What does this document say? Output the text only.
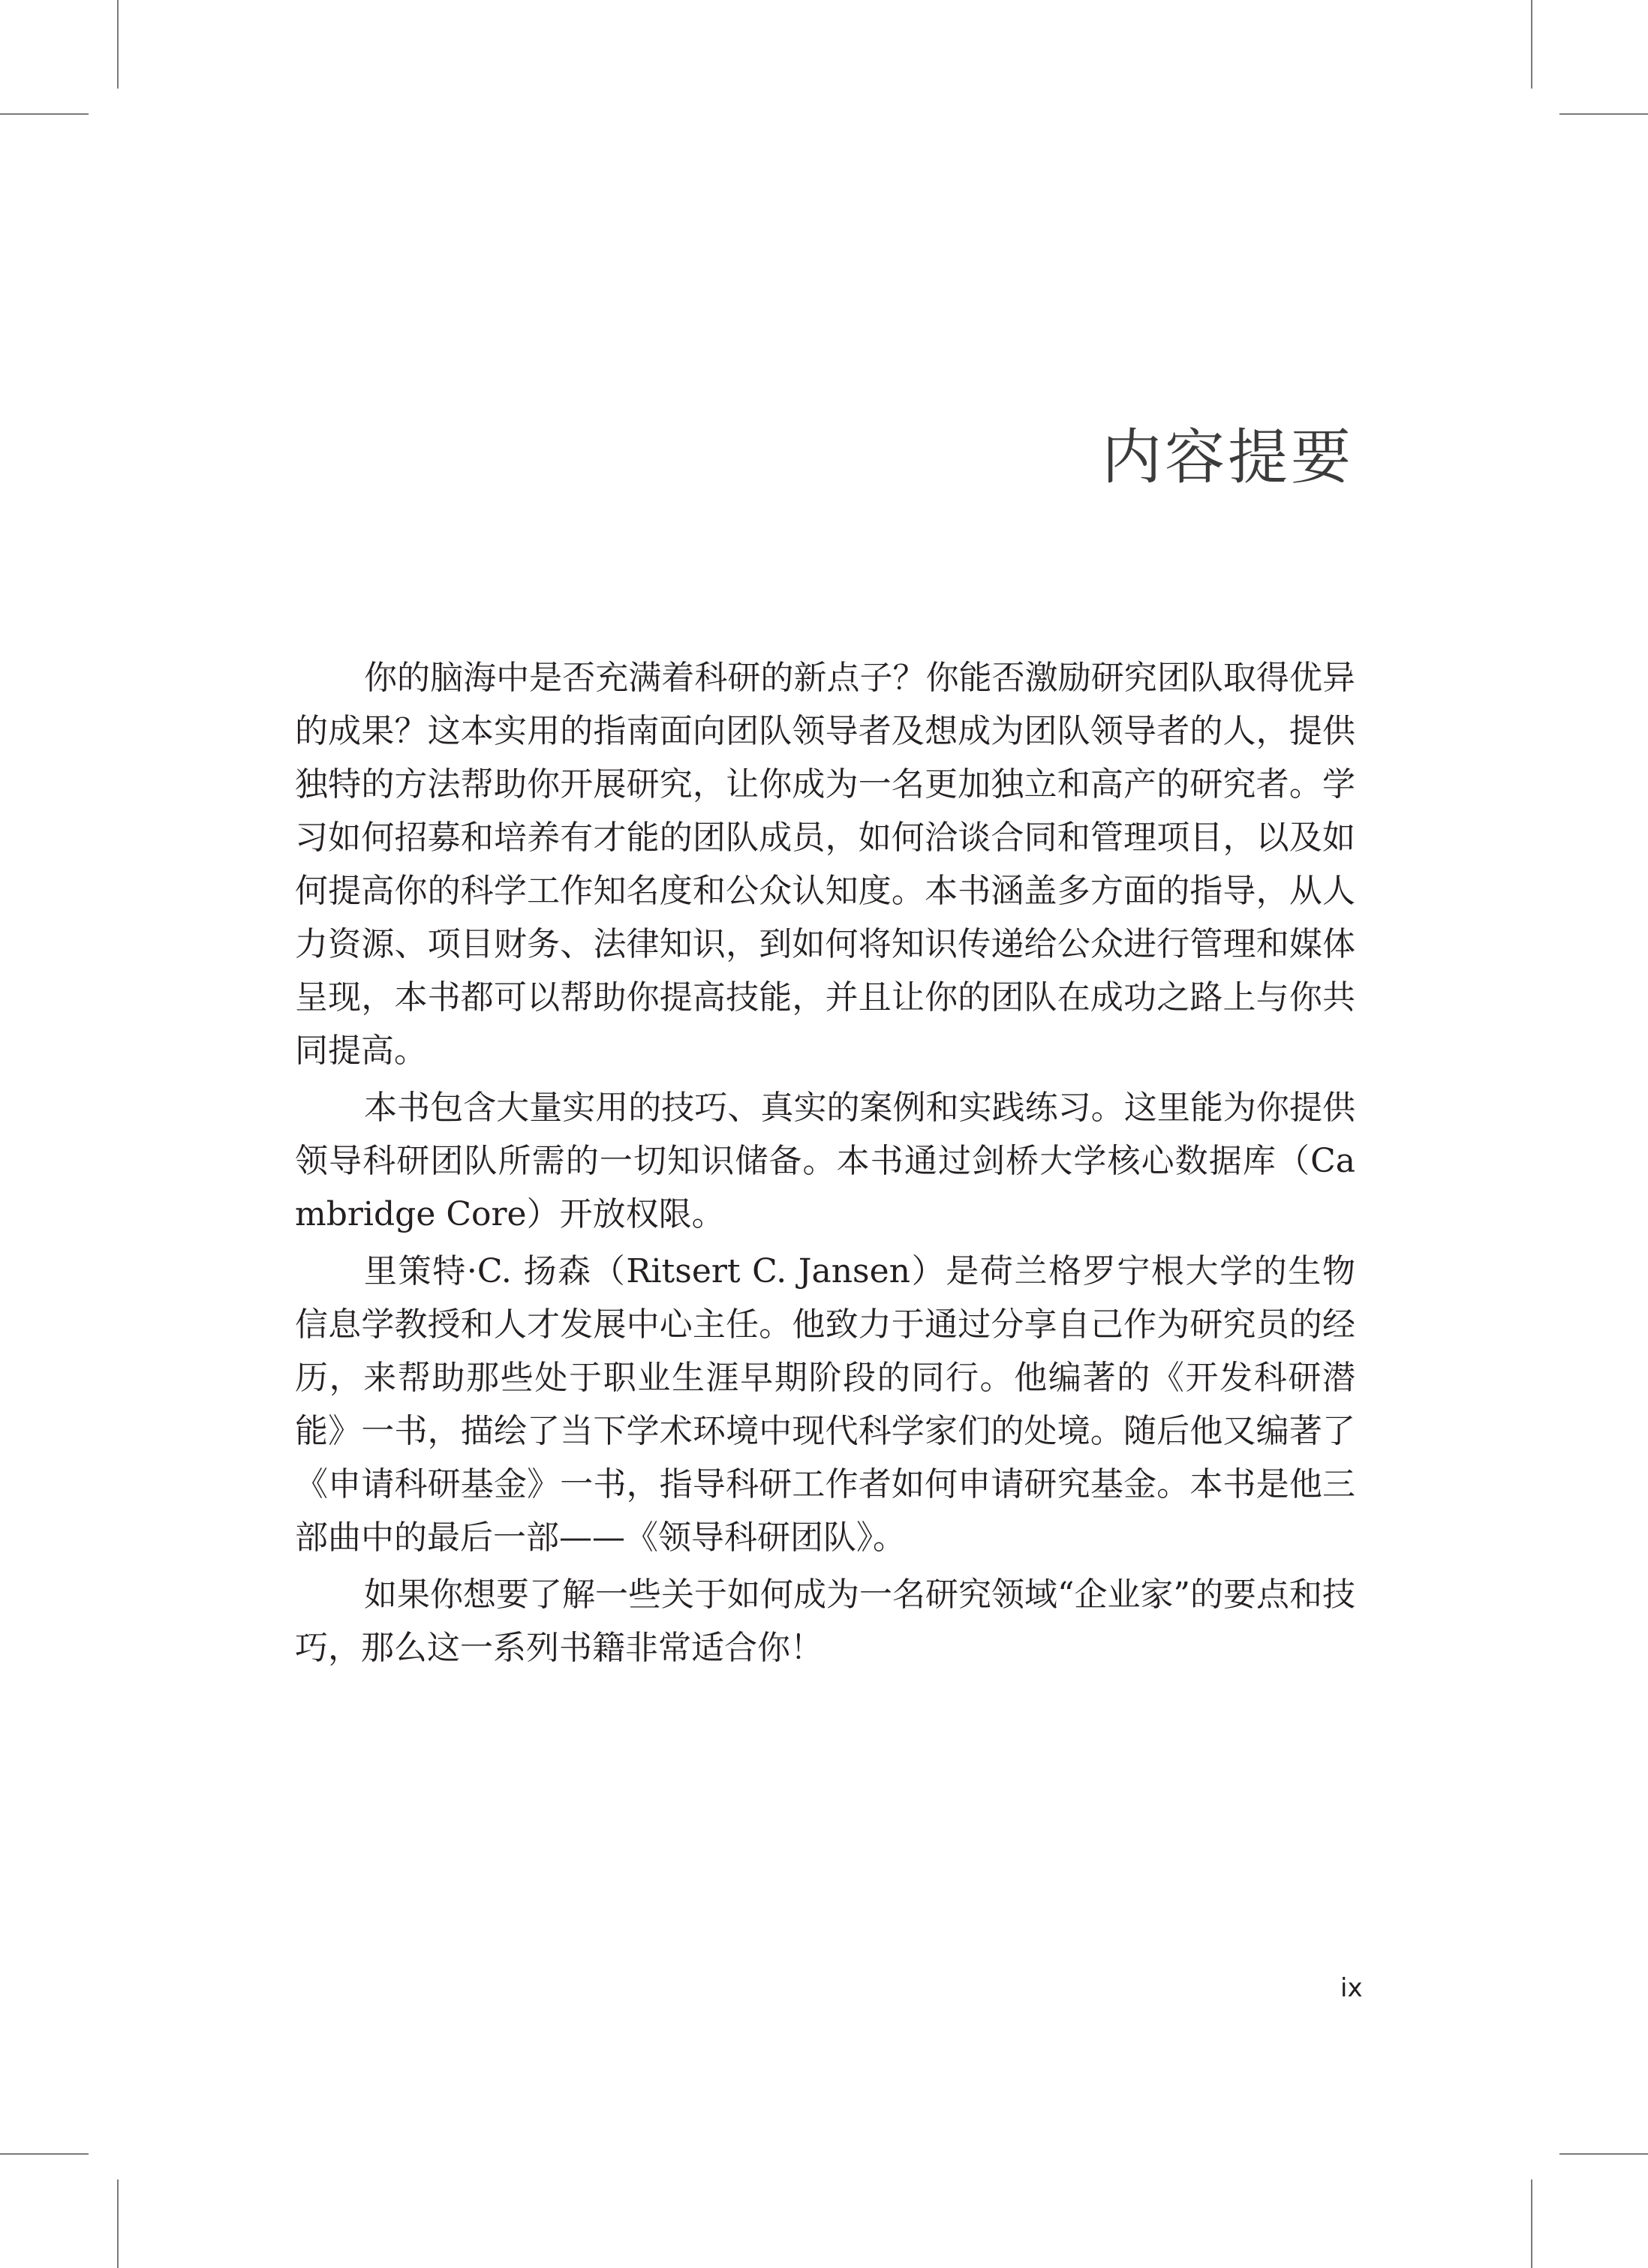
内容提要

你的脑海中是否充满着科研的新点子？你能否激励研究团队取得优异的成果？这本实用的指南面向团队领导者及想成为团队领导者的人，提供独特的方法帮助你开展研究，让你成为一名更加独立和高产的研究者。学习如何招募和培养有才能的团队成员，如何洽谈合同和管理项目，以及如何提高你的科学工作知名度和公众认知度。本书涵盖多方面的指导，从人力资源、项目财务、法律知识，到如何将知识传递给公众进行管理和媒体呈现，本书都可以帮助你提高技能，并且让你的团队在成功之路上与你共同提高。

本书包含大量实用的技巧、真实的案例和实践练习。这里能为你提供领导科研团队所需的一切知识储备。本书通过剑桥大学核心数据库（Cambridge Core）开放权限。

里策特·C. 扬森（Ritsert C. Jansen）是荷兰格罗宁根大学的生物信息学教授和人才发展中心主任。他致力于通过分享自己作为研究员的经历，来帮助那些处于职业生涯早期阶段的同行。他编著的《开发科研潜能》一书，描绘了当下学术环境中现代科学家们的处境。随后他又编著了《申请科研基金》一书，指导科研工作者如何申请研究基金。本书是他三部曲中的最后一部——《领导科研团队》。

如果你想要了解一些关于如何成为一名研究领域“企业家”的要点和技巧，那么这一系列书籍非常适合你！

ix
